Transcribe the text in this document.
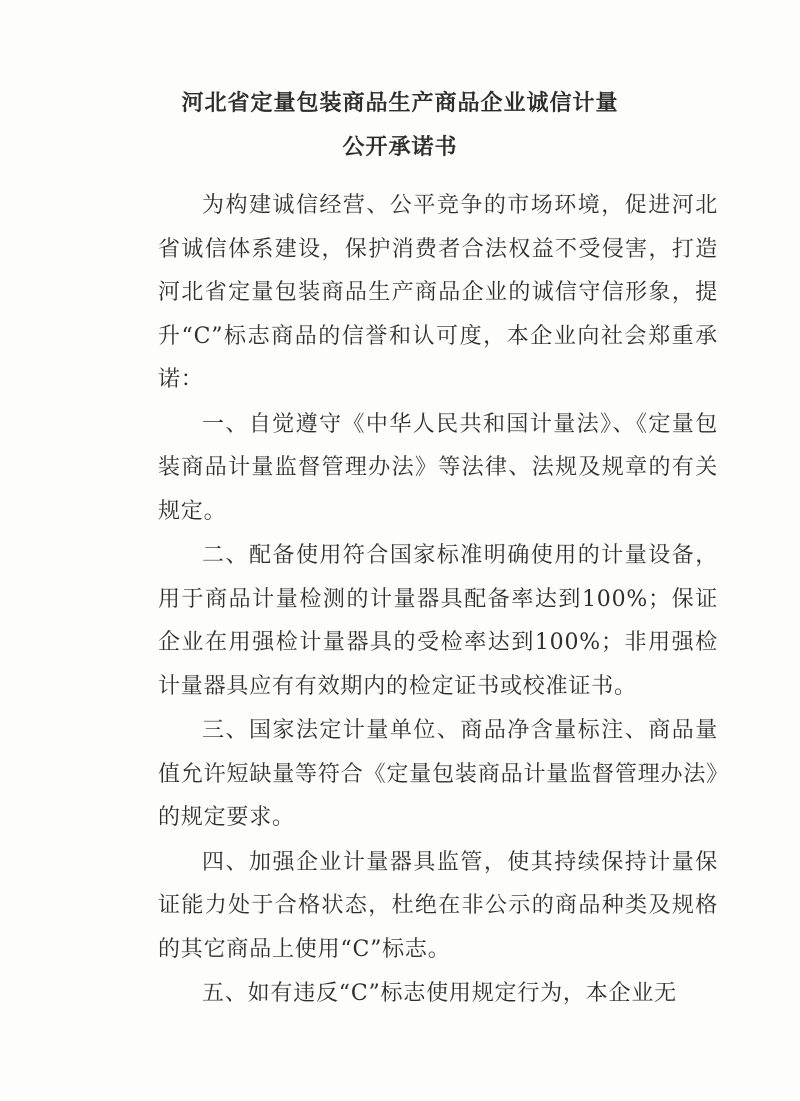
河北省定量包装商品生产商品企业诚信计量
公开承诺书

为构建诚信经营、公平竞争的市场环境，促进河北省诚信体系建设，保护消费者合法权益不受侵害，打造河北省定量包装商品生产商品企业的诚信守信形象，提升“C”标志商品的信誉和认可度，本企业向社会郑重承诺：

一、自觉遵守《中华人民共和国计量法》、《定量包装商品计量监督管理办法》等法律、法规及规章的有关规定。

二、配备使用符合国家标准明确使用的计量设备，用于商品计量检测的计量器具配备率达到100%；保证企业在用强检计量器具的受检率达到100%；非用强检计量器具应有有效期内的检定证书或校准证书。

三、国家法定计量单位、商品净含量标注、商品量值允许短缺量等符合《定量包装商品计量监督管理办法》的规定要求。

四、加强企业计量器具监管，使其持续保持计量保证能力处于合格状态，杜绝在非公示的商品种类及规格的其它商品上使用“C”标志。

五、如有违反“C”标志使用规定行为，本企业无
